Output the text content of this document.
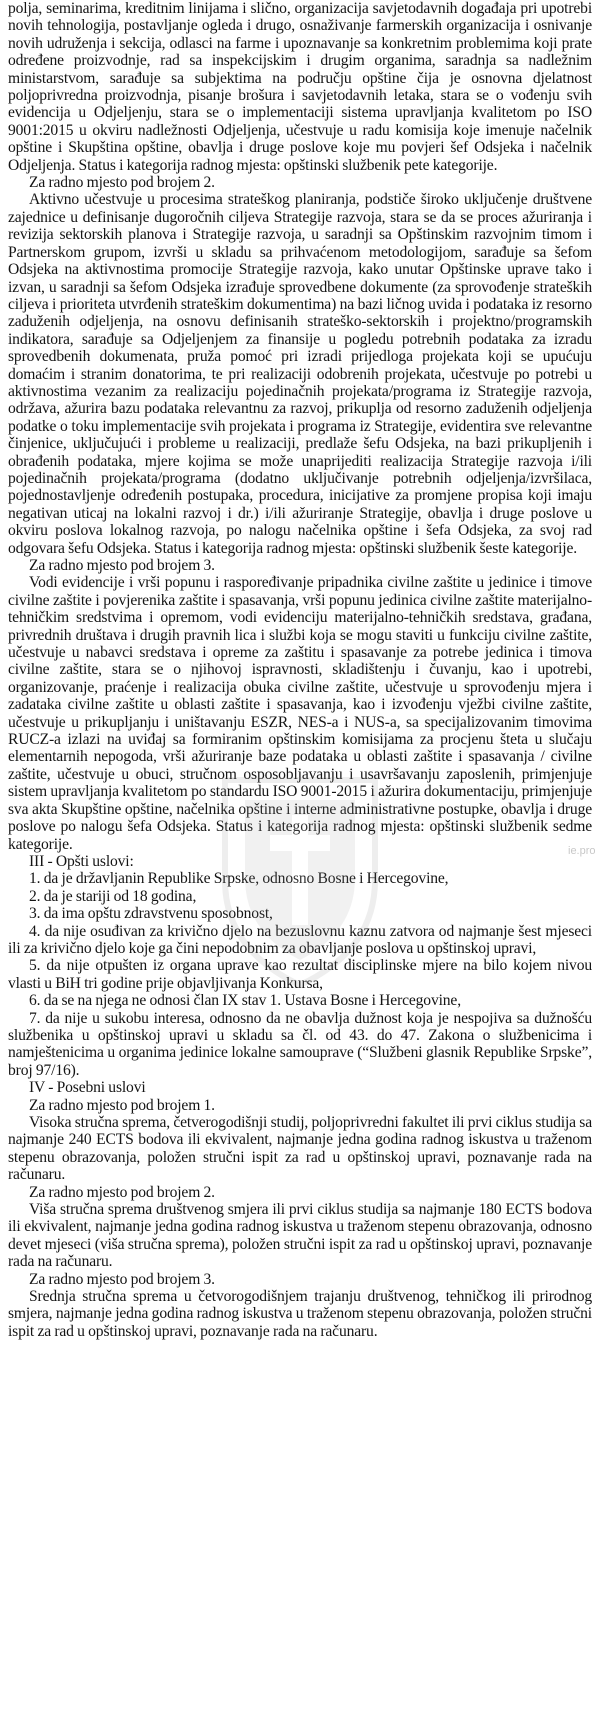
polja, seminarima, kreditnim linijama i slično, organizacija savjetodavnih događaja pri upotrebi novih tehnologija, postavljanje ogleda i drugo, osnaživanje farmerskih organizacija i osnivanje novih udruženja i sekcija, odlasci na farme i upoznavanje sa konkretnim problemima koji prate određene proizvodnje, rad sa inspekcijskim i drugim organima, saradnja sa nadležnim ministarstvom, sarađuje sa subjektima na području opštine čija je osnovna djelatnost poljoprivredna proizvodnja, pisanje brošura i savjetodavnih letaka, stara se o vođenju svih evidencija u Odjeljenju, stara se o implementaciji sistema upravljanja kvalitetom po ISO 9001:2015 u okviru nadležnosti Odjeljenja, učestvuje u radu komisija koje imenuje načelnik opštine i Skupština opštine, obavlja i druge poslove koje mu povjeri šef Odsjeka i načelnik Odjeljenja. Status i kategorija radnog mjesta: opštinski službenik pete kategorije.

Za radno mjesto pod brojem 2.

Aktivno učestvuje u procesima strateškog planiranja, podstiče široko uključenje društvene zajednice u definisanje dugoročnih ciljeva Strategije razvoja, stara se da se proces ažuriranja i revizija sektorskih planova i Strategije razvoja, u saradnji sa Opštinskim razvojnim timom i Partnerskom grupom, izvrši u skladu sa prihvaćenom metodologijom, sarađuje sa šefom Odsjeka na aktivnostima promocije Strategije razvoja, kako unutar Opštinske uprave tako i izvan, u saradnji sa šefom Odsjeka izrađuje sprovedbene dokumente (za sprovođenje strateških ciljeva i prioriteta utvrđenih strateškim dokumentima) na bazi ličnog uvida i podataka iz resorno zaduženih odjeljenja, na osnovu definisanih strateško-sektorskih i projektno/programskih indikatora, sarađuje sa Odjeljenjem za finansije u pogledu potrebnih podataka za izradu sprovedbenih dokumenata, pruža pomoć pri izradi prijedloga projekata koji se upućuju domaćim i stranim donatorima, te pri realizaciji odobrenih projekata, učestvuje po potrebi u aktivnostima vezanim za realizaciju pojedinačnih projekata/programa iz Strategije razvoja, održava, ažurira bazu podataka relevantnu za razvoj, prikuplja od resorno zaduženih odjeljenja podatke o toku implementacije svih projekata i programa iz Strategije, evidentira sve relevantne činjenice, uključujući i probleme u realizaciji, predlaže šefu Odsjeka, na bazi prikupljenih i obrađenih podataka, mjere kojima se može unaprijediti realizacija Strategije razvoja i/ili pojedinačnih projekata/programa (dodatno uključivanje potrebnih odjeljenja/izvršilaca, pojednostavljenje određenih postupaka, procedura, inicijative za promjene propisa koji imaju negativan uticaj na lokalni razvoj i dr.) i/ili ažuriranje Strategije, obavlja i druge poslove u okviru poslova lokalnog razvoja, po nalogu načelnika opštine i šefa Odsjeka, za svoj rad odgovara šefu Odsjeka. Status i kategorija radnog mjesta: opštinski službenik šeste kategorije.

Za radno mjesto pod brojem 3.

Vodi evidencije i vrši popunu i raspoređivanje pripadnika civilne zaštite u jedinice i timove civilne zaštite i povjerenika zaštite i spasavanja, vrši popunu jedinica civilne zaštite materijalno-tehničkim sredstvima i opremom, vodi evidenciju materijalno-tehničkih sredstava, građana, privrednih društava i drugih pravnih lica i službi koja se mogu staviti u funkciju civilne zaštite, učestvuje u nabavci sredstava i opreme za zaštitu i spasavanje za potrebe jedinica i timova civilne zaštite, stara se o njihovoj ispravnosti, skladištenju i čuvanju, kao i upotrebi, organizovanje, praćenje i realizacija obuka civilne zaštite, učestvuje u sprovođenju mjera i zadataka civilne zaštite u oblasti zaštite i spasavanja, kao i izvođenju vježbi civilne zaštite, učestvuje u prikupljanju i uništavanju ESZR, NES-a i NUS-a, sa specijalizovanim timovima RUCZ-a izlazi na uviđaj sa formiranim opštinskim komisijama za procjenu šteta u slučaju elementarnih nepogoda, vrši ažuriranje baze podataka u oblasti zaštite i spasavanja / civilne zaštite, učestvuje u obuci, stručnom osposobljavanju i usavršavanju zaposlenih, primjenjuje sistem upravljanja kvalitetom po standardu ISO 9001-2015 i ažurira dokumentaciju, primjenjuje sva akta Skupštine opštine, načelnika opštine i interne administrativne postupke, obavlja i druge poslove po nalogu šefa Odsjeka. Status i kategorija radnog mjesta: opštinski službenik sedme kategorije.

III - Opšti uslovi:

1. da je državljanin Republike Srpske, odnosno Bosne i Hercegovine,

2. da je stariji od 18 godina,

3. da ima opštu zdravstvenu sposobnost,

4. da nije osuđivan za krivično djelo na bezuslovnu kaznu zatvora od najmanje šest mjeseci ili za krivično djelo koje ga čini nepodobnim za obavljanje poslova u opštinskoj upravi,

5. da nije otpušten iz organa uprave kao rezultat disciplinske mjere na bilo kojem nivou vlasti u BiH tri godine prije objavljivanja Konkursa,

6. da se na njega ne odnosi član IX stav 1. Ustava Bosne i Hercegovine,

7. da nije u sukobu interesa, odnosno da ne obavlja dužnost koja je nespojiva sa dužnošću službenika u opštinskoj upravi u skladu sa čl. od 43. do 47. Zakona o službenicima i namještenicima u organima jedinice lokalne samouprave (“Službeni glasnik Republike Srpske”, broj 97/16).

IV - Posebni uslovi

Za radno mjesto pod brojem 1.

Visoka stručna sprema, četverogodišnji studij, poljoprivredni fakultet ili prvi ciklus studija sa najmanje 240 ECTS bodova ili ekvivalent, najmanje jedna godina radnog iskustva u traženom stepenu obrazovanja, položen stručni ispit za rad u opštinskoj upravi, poznavanje rada na računaru.

Za radno mjesto pod brojem 2.

Viša stručna sprema društvenog smjera ili prvi ciklus studija sa najmanje 180 ECTS bodova ili ekvivalent, najmanje jedna godina radnog iskustva u traženom stepenu obrazovanja, odnosno devet mjeseci (viša stručna sprema), položen stručni ispit za rad u opštinskoj upravi, poznavanje rada na računaru.

Za radno mjesto pod brojem 3.

Srednja stručna sprema u četvorogodišnjem trajanju društvenog, tehničkog ili prirodnog smjera, najmanje jedna godina radnog iskustva u traženom stepenu obrazovanja, položen stručni ispit za rad u opštinskoj upravi, poznavanje rada na računaru.

ie.pro
